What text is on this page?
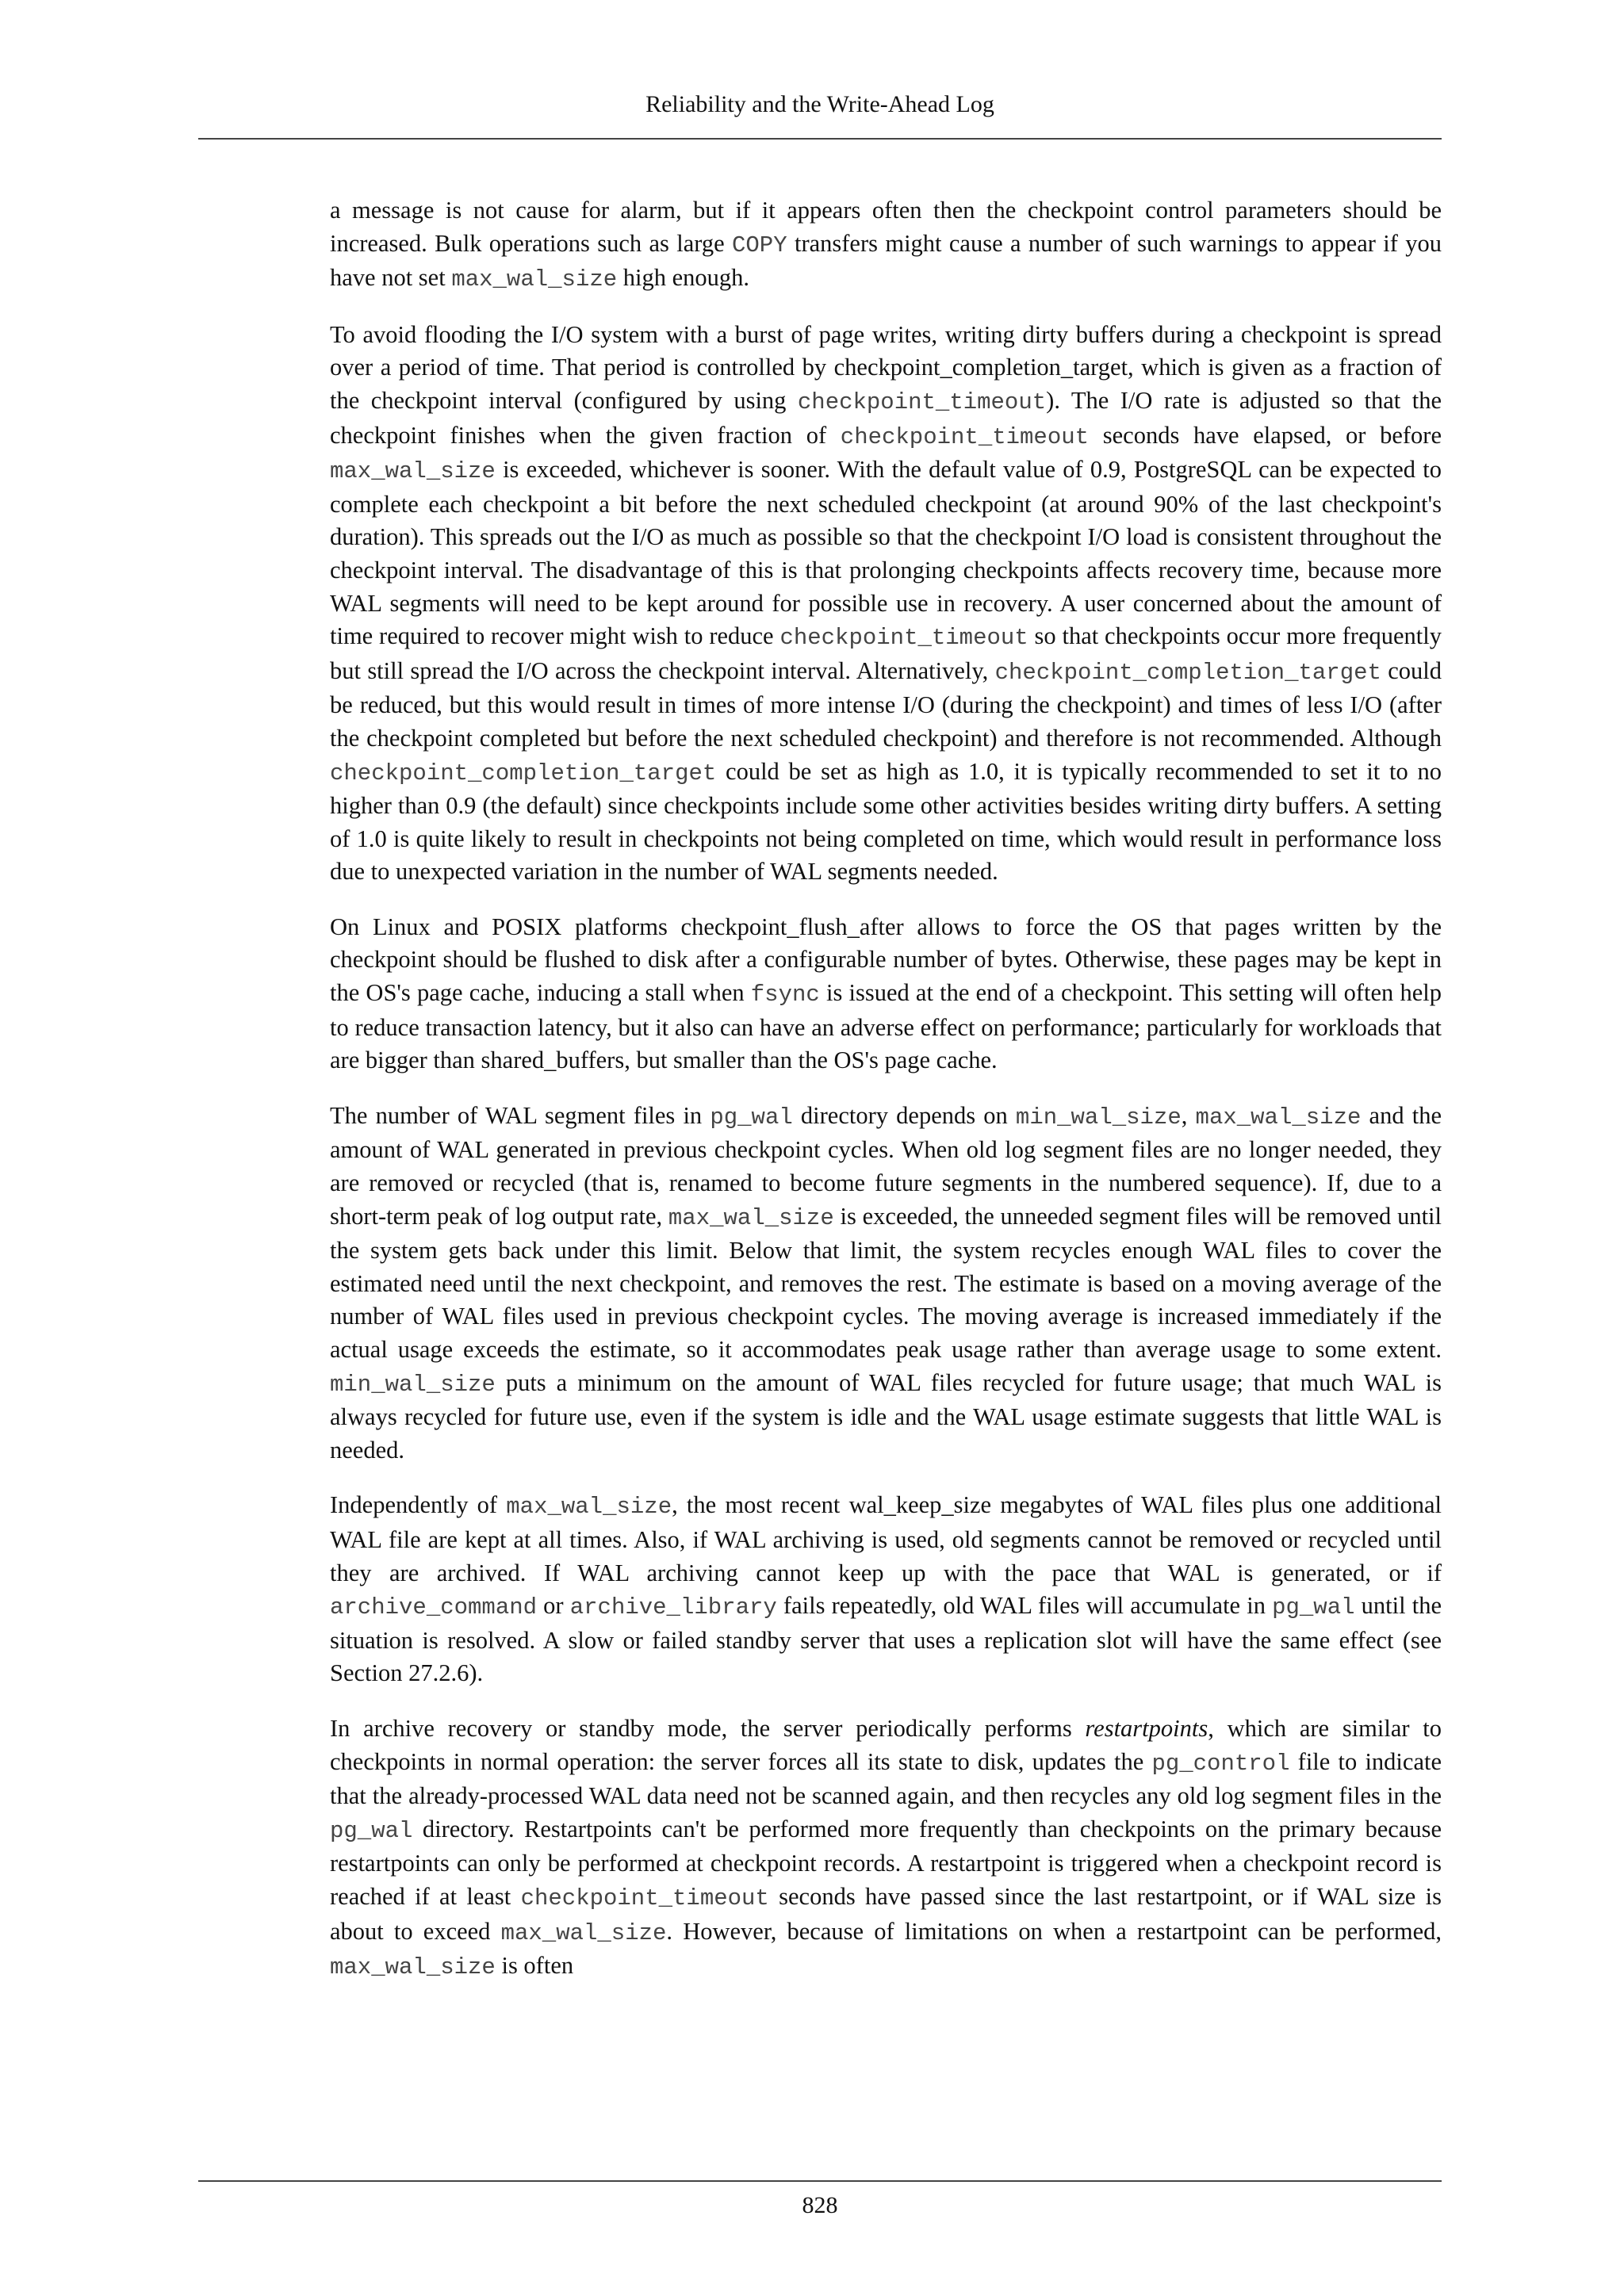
Reliability and the Write-Ahead Log

a message is not cause for alarm, but if it appears often then the checkpoint control parameters should be increased. Bulk operations such as large COPY transfers might cause a number of such warnings to appear if you have not set max_wal_size high enough.

To avoid flooding the I/O system with a burst of page writes, writing dirty buffers during a checkpoint is spread over a period of time. That period is controlled by checkpoint_completion_target, which is given as a fraction of the checkpoint interval (configured by using checkpoint_timeout). The I/O rate is adjusted so that the checkpoint finishes when the given fraction of checkpoint_timeout seconds have elapsed, or before max_wal_size is exceeded, whichever is sooner. With the default value of 0.9, PostgreSQL can be expected to complete each checkpoint a bit before the next scheduled checkpoint (at around 90% of the last checkpoint's duration). This spreads out the I/O as much as possible so that the checkpoint I/O load is consistent throughout the checkpoint interval. The disadvantage of this is that prolonging checkpoints affects recovery time, because more WAL segments will need to be kept around for possible use in recovery. A user concerned about the amount of time required to recover might wish to reduce checkpoint_timeout so that checkpoints occur more frequently but still spread the I/O across the checkpoint interval. Alternatively, checkpoint_completion_target could be reduced, but this would result in times of more intense I/O (during the checkpoint) and times of less I/O (after the checkpoint completed but before the next scheduled checkpoint) and therefore is not recommended. Although checkpoint_completion_target could be set as high as 1.0, it is typically recommended to set it to no higher than 0.9 (the default) since checkpoints include some other activities besides writing dirty buffers. A setting of 1.0 is quite likely to result in checkpoints not being completed on time, which would result in performance loss due to unexpected variation in the number of WAL segments needed.

On Linux and POSIX platforms checkpoint_flush_after allows to force the OS that pages written by the checkpoint should be flushed to disk after a configurable number of bytes. Otherwise, these pages may be kept in the OS's page cache, inducing a stall when fsync is issued at the end of a checkpoint. This setting will often help to reduce transaction latency, but it also can have an adverse effect on performance; particularly for workloads that are bigger than shared_buffers, but smaller than the OS's page cache.

The number of WAL segment files in pg_wal directory depends on min_wal_size, max_wal_size and the amount of WAL generated in previous checkpoint cycles. When old log segment files are no longer needed, they are removed or recycled (that is, renamed to become future segments in the numbered sequence). If, due to a short-term peak of log output rate, max_wal_size is exceeded, the unneeded segment files will be removed until the system gets back under this limit. Below that limit, the system recycles enough WAL files to cover the estimated need until the next checkpoint, and removes the rest. The estimate is based on a moving average of the number of WAL files used in previous checkpoint cycles. The moving average is increased immediately if the actual usage exceeds the estimate, so it accommodates peak usage rather than average usage to some extent. min_wal_size puts a minimum on the amount of WAL files recycled for future usage; that much WAL is always recycled for future use, even if the system is idle and the WAL usage estimate suggests that little WAL is needed.

Independently of max_wal_size, the most recent wal_keep_size megabytes of WAL files plus one additional WAL file are kept at all times. Also, if WAL archiving is used, old segments cannot be removed or recycled until they are archived. If WAL archiving cannot keep up with the pace that WAL is generated, or if archive_command or archive_library fails repeatedly, old WAL files will accumulate in pg_wal until the situation is resolved. A slow or failed standby server that uses a replication slot will have the same effect (see Section 27.2.6).

In archive recovery or standby mode, the server periodically performs restartpoints, which are similar to checkpoints in normal operation: the server forces all its state to disk, updates the pg_control file to indicate that the already-processed WAL data need not be scanned again, and then recycles any old log segment files in the pg_wal directory. Restartpoints can't be performed more frequently than checkpoints on the primary because restartpoints can only be performed at checkpoint records. A restartpoint is triggered when a checkpoint record is reached if at least checkpoint_timeout seconds have passed since the last restartpoint, or if WAL size is about to exceed max_wal_size. However, because of limitations on when a restartpoint can be performed, max_wal_size is often

828
